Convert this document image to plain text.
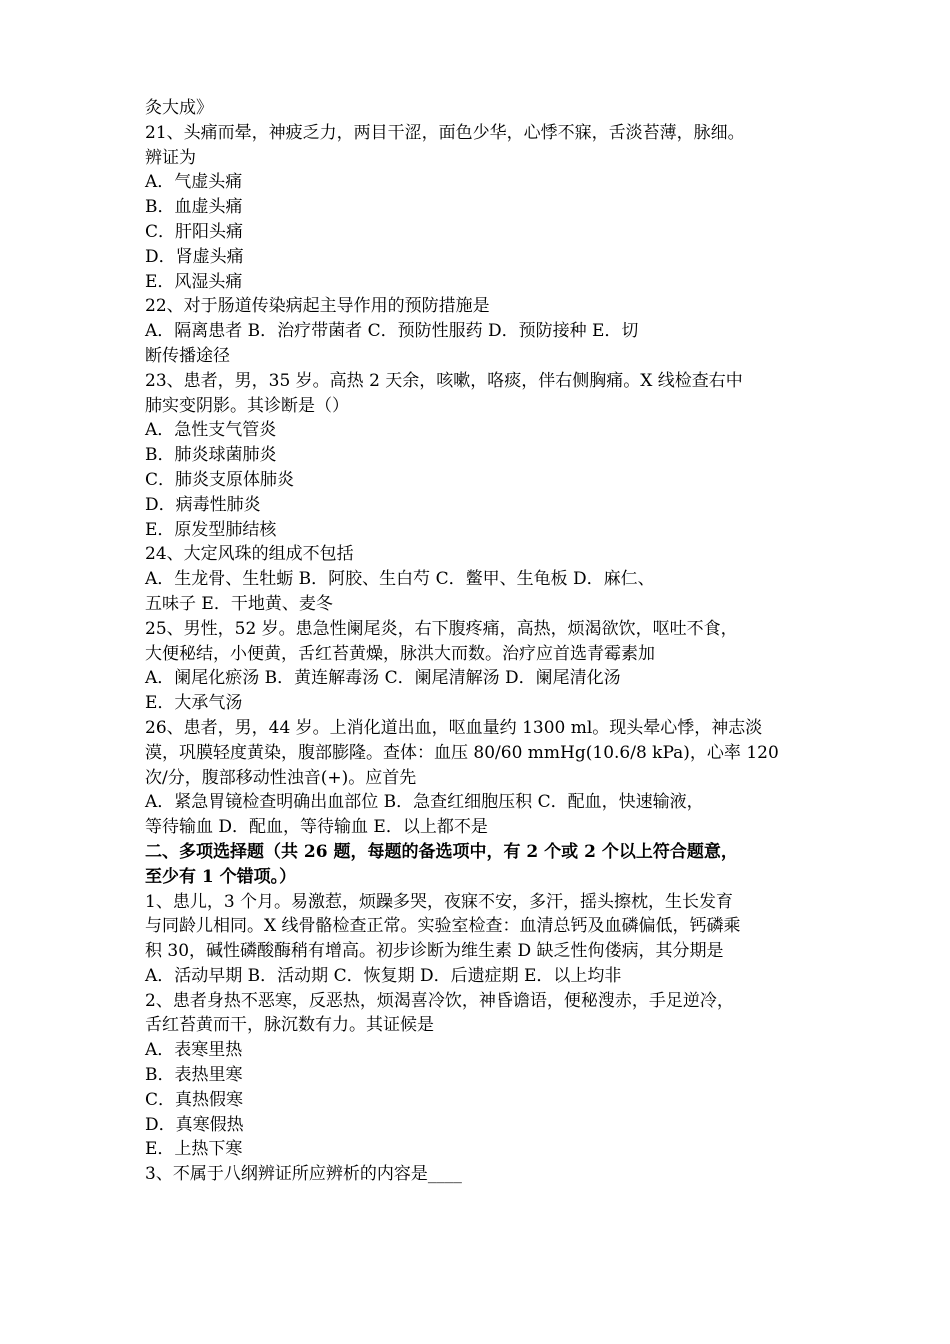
灸大成》
21、头痛而晕，神疲乏力，两目干涩，面色少华，心悸不寐，舌淡苔薄，脉细。
辨证为
A．气虚头痛
B．血虚头痛
C．肝阳头痛
D．肾虚头痛
E．风湿头痛
22、对于肠道传染病起主导作用的预防措施是
A．隔离患者 B．治疗带菌者 C．预防性服药 D．预防接种 E．切
断传播途径
23、患者，男，35 岁。高热 2 天余，咳嗽，咯痰，伴右侧胸痛。X 线检查右中
肺实变阴影。其诊断是（）
A．急性支气管炎
B．肺炎球菌肺炎
C．肺炎支原体肺炎
D．病毒性肺炎
E．原发型肺结核
24、大定风珠的组成不包括
A．生龙骨、生牡蛎 B．阿胶、生白芍 C．鳖甲、生龟板 D．麻仁、
五味子 E．干地黄、麦冬
25、男性，52 岁。患急性阑尾炎，右下腹疼痛，高热，烦渴欲饮，呕吐不食，
大便秘结，小便黄，舌红苔黄燥，脉洪大而数。治疗应首选青霉素加
A．阑尾化瘀汤 B．黄连解毒汤 C．阑尾清解汤 D．阑尾清化汤
E．大承气汤
26、患者，男，44 岁。上消化道出血，呕血量约 1300 ml。现头晕心悸，神志淡
漠，巩膜轻度黄染，腹部膨隆。查体：血压 80/60 mmHg(10.6/8 kPa)，心率 120
次/分，腹部移动性浊音(+)。应首先
A．紧急胃镜检查明确出血部位 B．急查红细胞压积 C．配血，快速输液，
等待输血 D．配血，等待输血 E．以上都不是
二、多项选择题（共 26 题，每题的备选项中，有 2 个或 2 个以上符合题意，
至少有 1 个错项。）
1、患儿，3 个月。易激惹，烦躁多哭，夜寐不安，多汗，摇头擦枕，生长发育
与同龄儿相同。X 线骨骼检查正常。实验室检查：血清总钙及血磷偏低，钙磷乘
积 30，碱性磷酸酶稍有增高。初步诊断为维生素 D 缺乏性佝偻病，其分期是
A．活动早期 B．活动期 C．恢复期 D．后遗症期 E．以上均非
2、患者身热不恶寒，反恶热，烦渴喜冷饮，神昏谵语，便秘溲赤，手足逆冷，
舌红苔黄而干，脉沉数有力。其证候是
A．表寒里热
B．表热里寒
C．真热假寒
D．真寒假热
E．上热下寒
3、不属于八纲辨证所应辨析的内容是____
